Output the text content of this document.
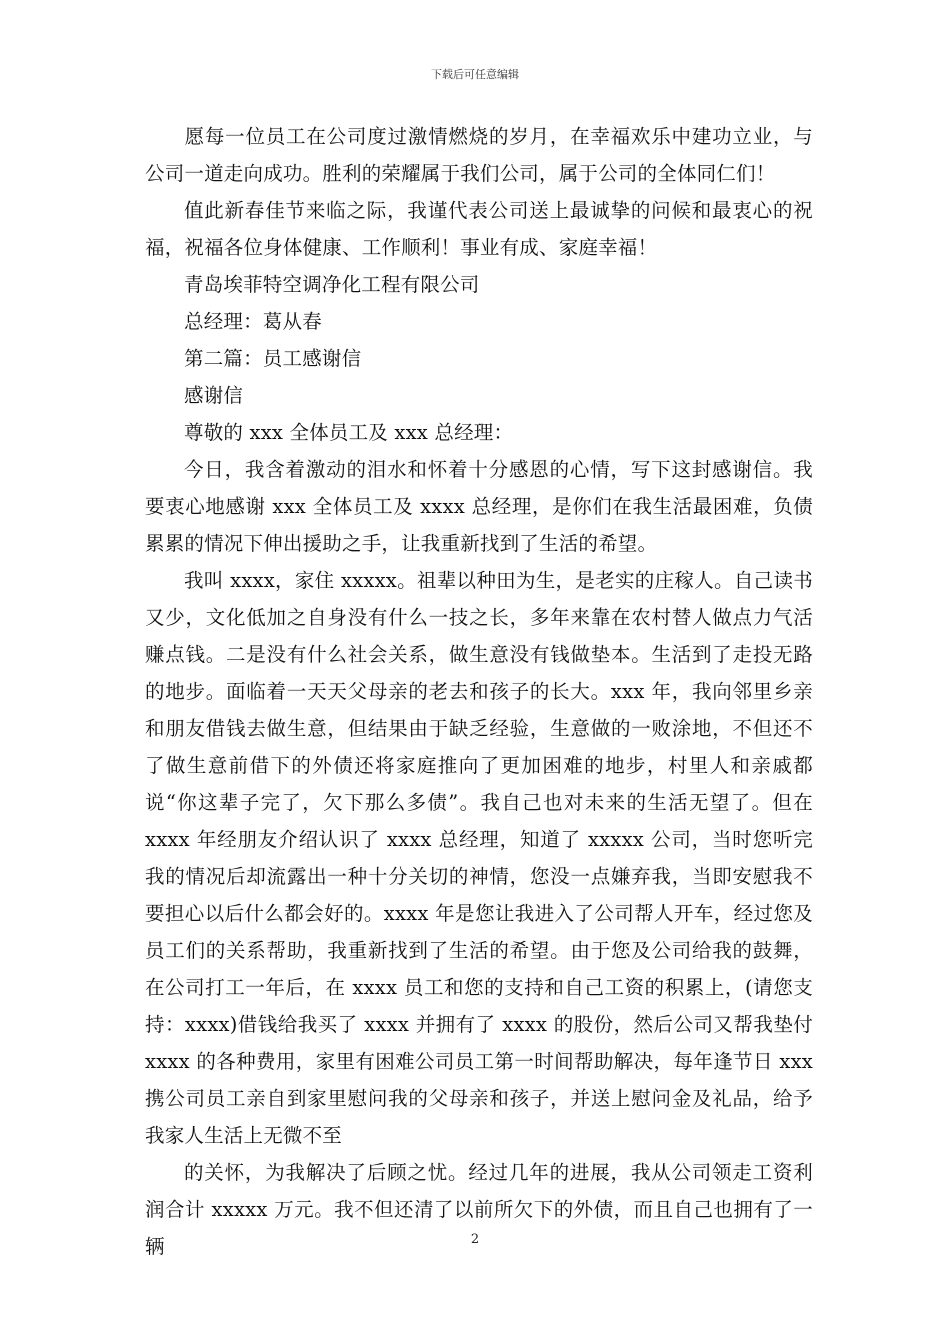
下载后可任意编辑

愿每一位员工在公司度过激情燃烧的岁月，在幸福欢乐中建功立业，与公司一道走向成功。胜利的荣耀属于我们公司，属于公司的全体同仁们！

值此新春佳节来临之际，我谨代表公司送上最诚挚的问候和最衷心的祝福，祝福各位身体健康、工作顺利！事业有成、家庭幸福！

青岛埃菲特空调净化工程有限公司

总经理：葛从春

第二篇：员工感谢信

感谢信

尊敬的 xxx 全体员工及 xxx 总经理：

今日，我含着激动的泪水和怀着十分感恩的心情，写下这封感谢信。我要衷心地感谢 xxx 全体员工及 xxxx 总经理，是你们在我生活最困难，负债累累的情况下伸出援助之手，让我重新找到了生活的希望。

我叫 xxxx，家住 xxxxx。祖辈以种田为生，是老实的庄稼人。自己读书又少，文化低加之自身没有什么一技之长，多年来靠在农村替人做点力气活赚点钱。二是没有什么社会关系，做生意没有钱做垫本。生活到了走投无路的地步。面临着一天天父母亲的老去和孩子的长大。xxx 年，我向邻里乡亲和朋友借钱去做生意，但结果由于缺乏经验，生意做的一败涂地，不但还不了做生意前借下的外债还将家庭推向了更加困难的地步，村里人和亲戚都说“你这辈子完了，欠下那么多债”。我自己也对未来的生活无望了。但在 xxxx 年经朋友介绍认识了 xxxx 总经理，知道了 xxxxx 公司，当时您听完我的情况后却流露出一种十分关切的神情，您没一点嫌弃我，当即安慰我不要担心以后什么都会好的。xxxx 年是您让我进入了公司帮人开车，经过您及员工们的关系帮助，我重新找到了生活的希望。由于您及公司给我的鼓舞，在公司打工一年后，在 xxxx 员工和您的支持和自己工资的积累上，(请您支持：xxxx)借钱给我买了 xxxx 并拥有了 xxxx 的股份，然后公司又帮我垫付 xxxx 的各种费用，家里有困难公司员工第一时间帮助解决，每年逢节日 xxx 携公司员工亲自到家里慰问我的父母亲和孩子，并送上慰问金及礼品，给予我家人生活上无微不至

的关怀，为我解决了后顾之忧。经过几年的进展，我从公司领走工资利润合计 xxxxx 万元。我不但还清了以前所欠下的外债，而且自己也拥有了一辆	2
